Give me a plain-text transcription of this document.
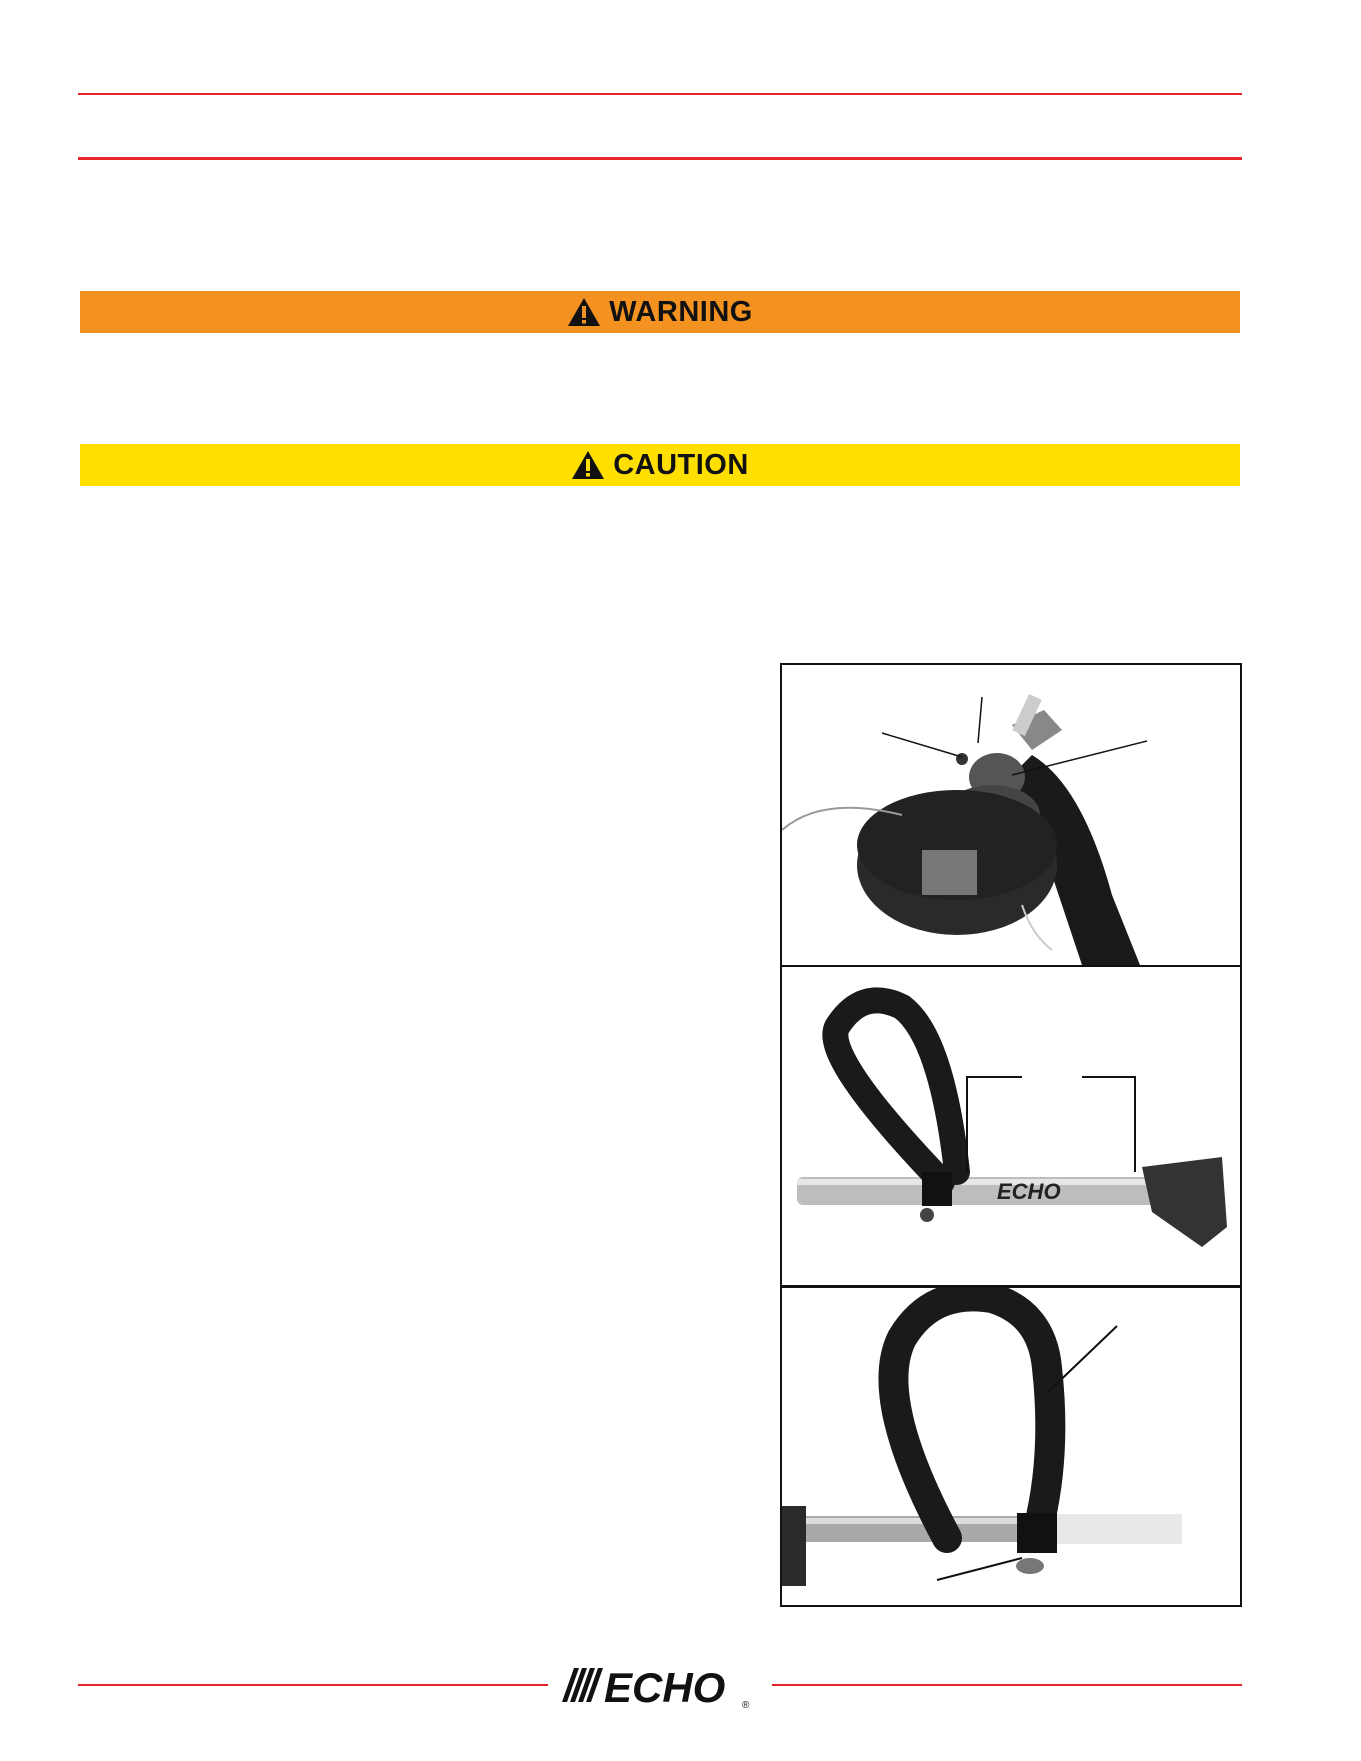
WARNING
CAUTION
ECHO
ECHO ®
